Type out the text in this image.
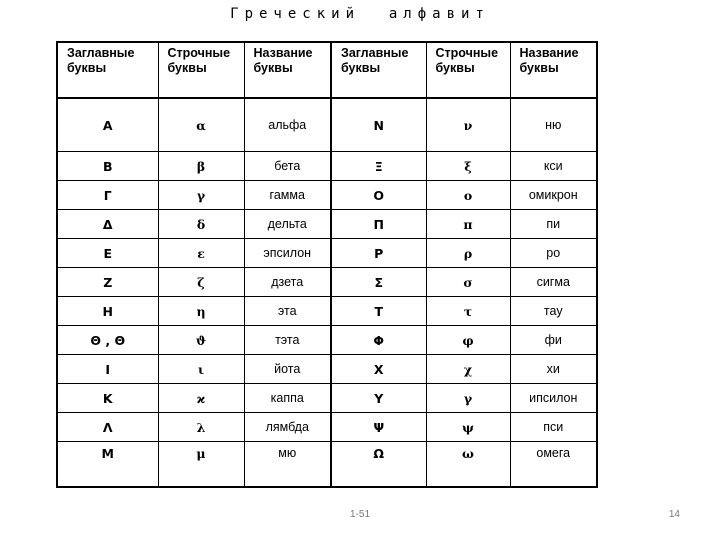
Греческий  алфавит
Заглавные буквы	Строчные буквы	Название буквы	Заглавные буквы	Строчные буквы	Название буквы
Α	α	альфа	Ν	ν	ню
Β	β	бета	Ξ	ξ	кси
Γ	γ	гамма	Ο	ο	омикрон
Δ	δ	дельта	Π	π	пи
Ε	ε	эпсилон	Ρ	ρ	ро
Ζ	ζ	дзета	Σ	σ	сигма
Η	η	эта	Τ	τ	тау
Θ , Θ	ϑ	тэта	Φ	φ	фи
Ι	ι	йота	Χ	χ	хи
Κ	ϰ	каппа	Υ	γ	ипсилон
Λ	λ	лямбда	Ψ	ψ	пси
Μ	μ	мю	Ω	ω	омега
1-51	14
